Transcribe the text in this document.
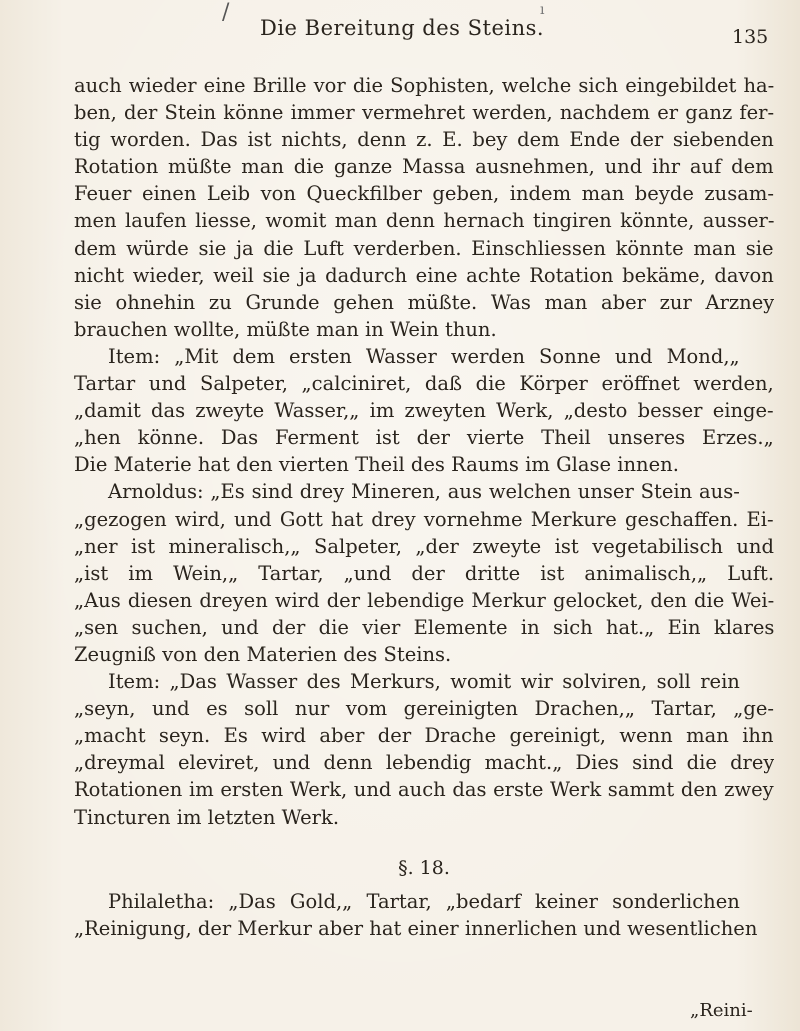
/	ı
Die Bereitung des Steins.	135
auch wieder eine Brille vor die Sophisten, welche sich eingebildet ha-
ben, der Stein könne immer vermehret werden, nachdem er ganz fer-
tig worden. Das ist nichts, denn z. E. bey dem Ende der siebenden
Rotation müßte man die ganze Massa ausnehmen, und ihr auf dem
Feuer einen Leib von Queckfilber geben, indem man beyde zusam-
men laufen liesse, womit man denn hernach tingiren könnte, ausser-
dem würde sie ja die Luft verderben. Einschliessen könnte man sie
nicht wieder, weil sie ja dadurch eine achte Rotation bekäme, davon
sie ohnehin zu Grunde gehen müßte. Was man aber zur Arzney
brauchen wollte, müßte man in Wein thun.
Item: „Mit dem ersten Wasser werden Sonne und Mond,„
Tartar und Salpeter, „calciniret, daß die Körper eröffnet werden,
„damit das zweyte Wasser,„ im zweyten Werk, „desto besser einge-
„hen könne. Das Ferment ist der vierte Theil unseres Erzes.„
Die Materie hat den vierten Theil des Raums im Glase innen.
Arnoldus: „Es sind drey Mineren, aus welchen unser Stein aus-
„gezogen wird, und Gott hat drey vornehme Merkure geschaffen. Ei-
„ner ist mineralisch,„ Salpeter, „der zweyte ist vegetabilisch und
„ist im Wein,„ Tartar, „und der dritte ist animalisch,„ Luft.
„Aus diesen dreyen wird der lebendige Merkur gelocket, den die Wei-
„sen suchen, und der die vier Elemente in sich hat.„ Ein klares
Zeugniß von den Materien des Steins.
Item: „Das Wasser des Merkurs, womit wir solviren, soll rein
„seyn, und es soll nur vom gereinigten Drachen,„ Tartar, „ge-
„macht seyn. Es wird aber der Drache gereinigt, wenn man ihn
„dreymal eleviret, und denn lebendig macht.„ Dies sind die drey
Rotationen im ersten Werk, und auch das erste Werk sammt den zwey
Tincturen im letzten Werk.
§. 18.
Philaletha: „Das Gold,„ Tartar, „bedarf keiner sonderlichen
„Reinigung, der Merkur aber hat einer innerlichen und wesentlichen
„Reini-
